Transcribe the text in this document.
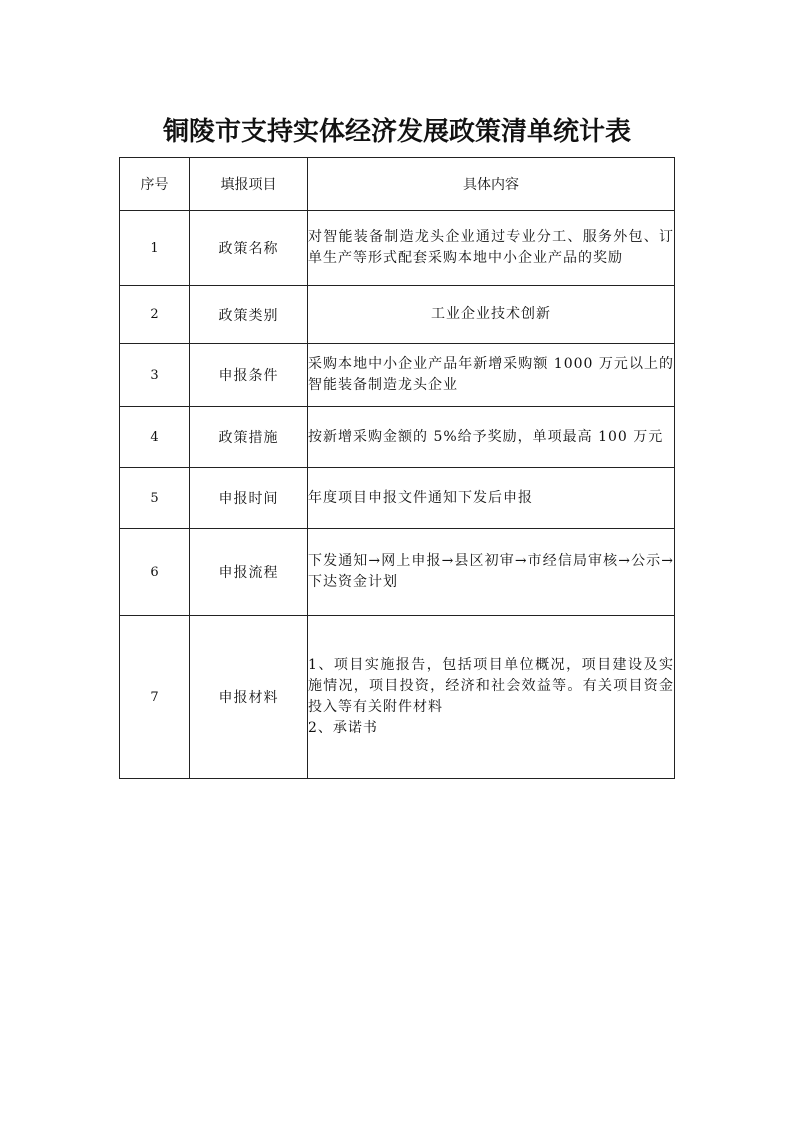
铜陵市支持实体经济发展政策清单统计表
序号	填报项目	具体内容
1	政策名称	对智能装备制造龙头企业通过专业分工、服务外包、订单生产等形式配套采购本地中小企业产品的奖励
2	政策类别	工业企业技术创新
3	申报条件	采购本地中小企业产品年新增采购额 1000 万元以上的智能装备制造龙头企业
4	政策措施	按新增采购金额的 5%给予奖励，单项最高 100 万元
5	申报时间	年度项目申报文件通知下发后申报
6	申报流程	下发通知→网上申报→县区初审→市经信局审核→公示→下达资金计划
7	申报材料	1、项目实施报告，包括项目单位概况，项目建设及实施情况，项目投资，经济和社会效益等。有关项目资金投入等有关附件材料
2、承诺书
